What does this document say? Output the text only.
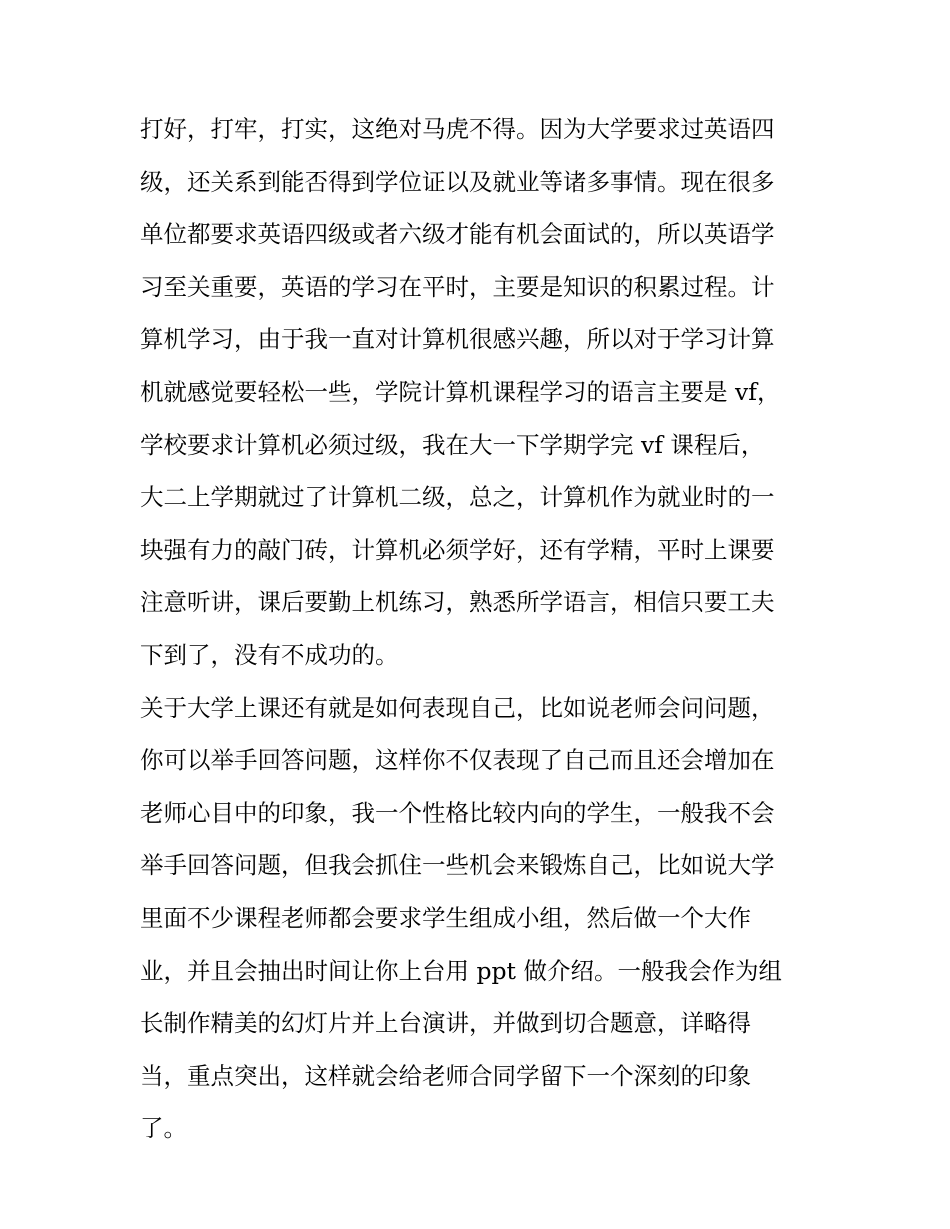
打好，打牢，打实，这绝对马虎不得。因为大学要求过英语四
级，还关系到能否得到学位证以及就业等诸多事情。现在很多
单位都要求英语四级或者六级才能有机会面试的，所以英语学
习至关重要，英语的学习在平时，主要是知识的积累过程。计
算机学习，由于我一直对计算机很感兴趣，所以对于学习计算
机就感觉要轻松一些，学院计算机课程学习的语言主要是 vf，
学校要求计算机必须过级，我在大一下学期学完 vf 课程后，
大二上学期就过了计算机二级，总之，计算机作为就业时的一
块强有力的敲门砖，计算机必须学好，还有学精，平时上课要
注意听讲，课后要勤上机练习，熟悉所学语言，相信只要工夫
下到了，没有不成功的。
关于大学上课还有就是如何表现自己，比如说老师会问问题，
你可以举手回答问题，这样你不仅表现了自己而且还会增加在
老师心目中的印象，我一个性格比较内向的学生，一般我不会
举手回答问题，但我会抓住一些机会来锻炼自己，比如说大学
里面不少课程老师都会要求学生组成小组，然后做一个大作
业，并且会抽出时间让你上台用 ppt 做介绍。一般我会作为组
长制作精美的幻灯片并上台演讲，并做到切合题意，详略得
当，重点突出，这样就会给老师合同学留下一个深刻的印象
了。
